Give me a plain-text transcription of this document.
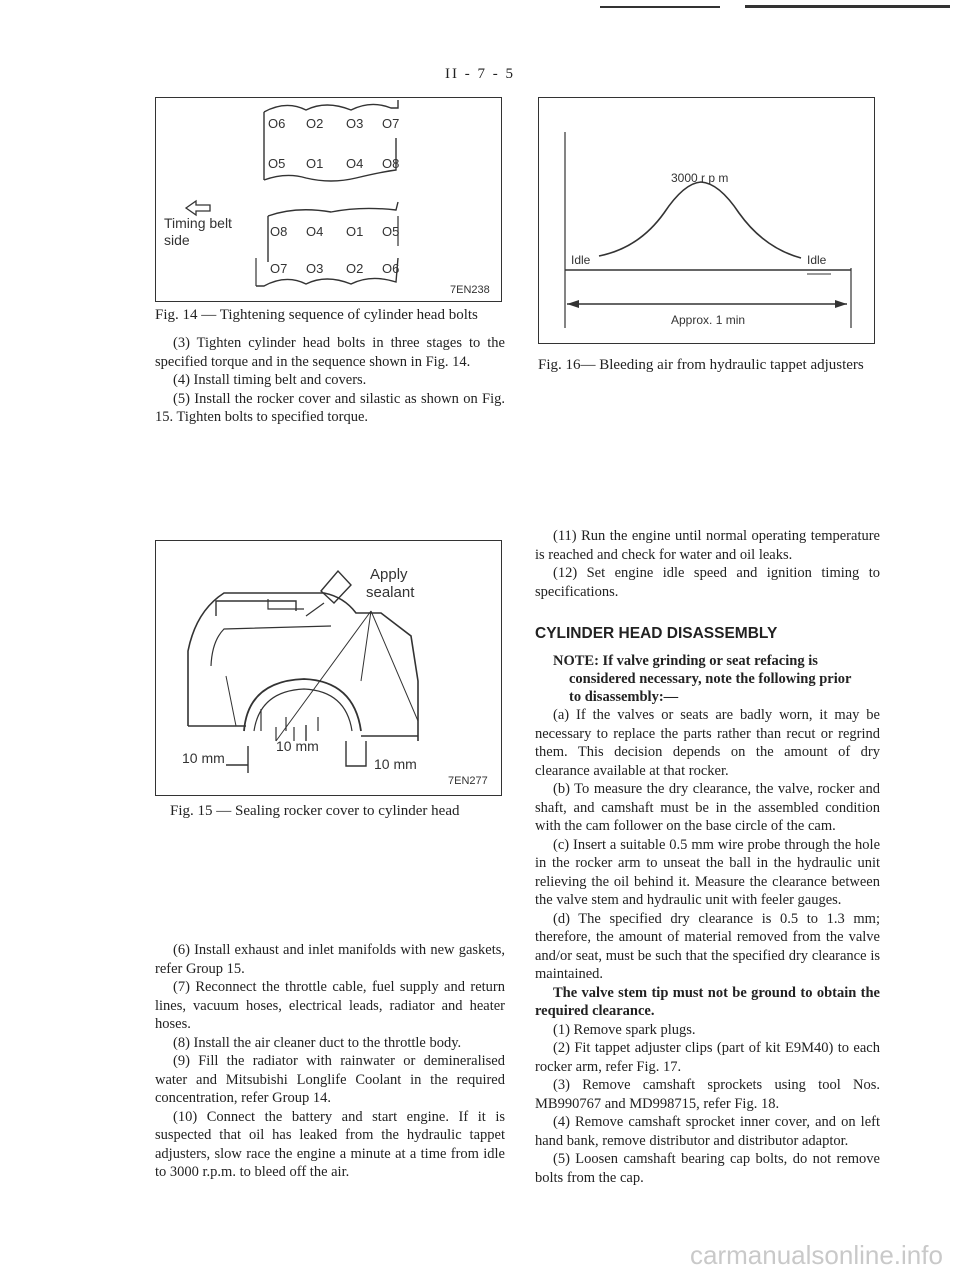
II - 7 - 5
O6 O2 O3 O7
O5 O1 O4 O8
O8 O4 O1 O5
O7 O3 O2 O6
Timing belt
side
7EN238
Fig. 14 — Tightening sequence of cylinder head bolts

(3) Tighten cylinder head bolts in three stages to the specified torque and in the sequence shown in Fig. 14.

(4) Install timing belt and covers.

(5) Install the rocker cover and silastic as shown on Fig. 15. Tighten bolts to specified torque.

Apply
sealant
10 mm
10 mm
10 mm
7EN277
Fig. 15 — Sealing rocker cover to cylinder head

(6) Install exhaust and inlet manifolds with new gaskets, refer Group 15.

(7) Reconnect the throttle cable, fuel supply and return lines, vacuum hoses, electrical leads, radiator and heater hoses.

(8) Install the air cleaner duct to the throttle body.

(9) Fill the radiator with rainwater or demineralised water and Mitsubishi Longlife Coolant in the required concentration, refer Group 14.

(10) Connect the battery and start engine. If it is suspected that oil has leaked from the hydraulic tappet adjusters, slow race the engine a minute at a time from idle to 3000 r.p.m. to bleed off the air.

3000 r p m
Idle	Idle
Approx. 1 min
Fig. 16— Bleeding air from hydraulic tappet adjusters

(11) Run the engine until normal operating temperature is reached and check for water and oil leaks.

(12) Set engine idle speed and ignition timing to specifications.

CYLINDER HEAD DISASSEMBLY
NOTE: If valve grinding or seat refacing is
considered necessary, note the following prior
to disassembly:—

(a) If the valves or seats are badly worn, it may be necessary to replace the parts rather than recut or regrind them. This decision depends on the amount of dry clearance available at that rocker.

(b) To measure the dry clearance, the valve, rocker and shaft, and camshaft must be in the assembled condition with the cam follower on the base circle of the cam.

(c) Insert a suitable 0.5 mm wire probe through the hole in the rocker arm to unseat the ball in the hydraulic unit relieving the oil behind it. Measure the clearance between the valve stem and hydraulic unit with feeler gauges.

(d) The specified dry clearance is 0.5 to 1.3 mm; therefore, the amount of material removed from the valve and/or seat, must be such that the specified dry clearance is maintained.

The valve stem tip must not be ground to obtain the required clearance.

(1) Remove spark plugs.

(2) Fit tappet adjuster clips (part of kit E9M40) to each rocker arm, refer Fig. 17.

(3) Remove camshaft sprockets using tool Nos. MB990767 and MD998715, refer Fig. 18.

(4) Remove camshaft sprocket inner cover, and on left hand bank, remove distributor and distributor adaptor.

(5) Loosen camshaft bearing cap bolts, do not remove bolts from the cap.

carmanualsonline.info
